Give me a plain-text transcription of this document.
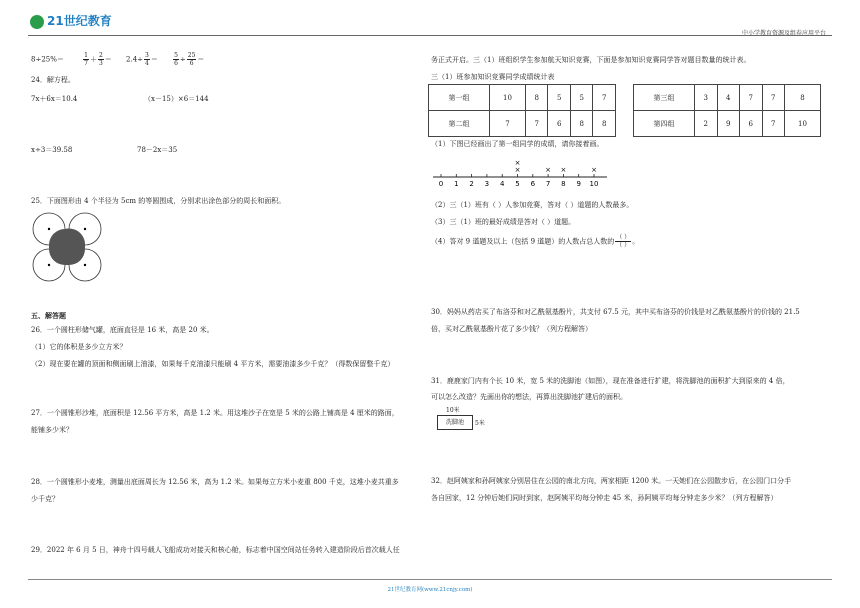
21世纪教育
中小学教育资源及组卷应用平台
8÷25%＝	$\frac{1}{7} + \frac{2}{3} = 2.4\div \frac{3}{4}$ ＝	$\frac{5}{6} \div \frac{25}{6}$ ＝
24．解方程。
7x＋6x＝10.4	（x－15）×6＝144
x÷3＝39.58	78－2x＝35
25．下面图形由 4 个半径为 5cm 的等圆围成，分别求出涂色部分的周长和面积。
五、解答题
26．一个圆柱形储气罐，底面直径是 16 米，高是 20 米。
（1）它的体积是多少立方米？
（2）现在要在罐的顶面和侧面刷上油漆，如果每千克油漆只能刷 4 平方米，需要油漆多少千克？（得数保留整千克）
27．一个圆锥形沙堆，底面积是 12.56 平方米，高是 1.2 米。用这堆沙子在宽是 5 米的公路上铺高是 4 厘米的路面，
能铺多少米？
28．一个圆锥形小麦堆，测量出底面周长为 12.56 米，高为 1.2 米。如果每立方米小麦重 800 千克，这堆小麦共重多
少千克？
29．2022 年 6 月 5 日，神舟十四号载人飞船成功对接天和核心舱，标志着中国空间站任务转入建造阶段后首次载人任
务正式开启。三（1）班组织学生参加航天知识竞赛，下面是参加知识竞赛同学答对题目数量的统计表。
三（1）班参加知识竞赛同学成绩统计表
第一组	10	8	5	5	7
第二组	7	7	6	8	8
第三组	3	4	7	7	8
第四组	2	9	6	7	10
（1）下图已经画出了第一组同学的成绩，请你接着画。
0 1 2 3 4 5 6 7 8 9 10
×
×
×
×
×
（2）三（1）班有（ ）人参加竞赛，答对（ ）道题的人数最多。
（3）三（1）班的最好成绩是答对（ ）道题。
（4）答对 9 道题及以上（包括 9 道题）的人数占总人数的 $\frac{( )}{( )}$ 。
30．妈妈从药店买了布洛芬和对乙酰氨基酚片，共支付 67.5 元，其中买布洛芬的价钱是对乙酰氨基酚片的价钱的 21.5
倍，买对乙酰氨基酚片花了多少钱？（列方程解答）
31．鹿鹿家门内有个长 10 米，宽 5 米的洗脚池（如图），现在准备进行扩建，将洗脚池的面积扩大到原来的 4 倍，
可以怎么改造？先画出你的想法，再算出洗脚池扩建后的面积。
10米
洗脚池	5米
32．赵阿姨家和孙阿姨家分别居住在公园的南北方向，两家相距 1200 米。一天她们在公园散步后，在公园门口分手
各自回家，12 分钟后她们同时到家，赵阿姨平均每分钟走 45 米，孙阿姨平均每分钟走多少米？（列方程解答）
21世纪教育网(www.21cnjy.com)
